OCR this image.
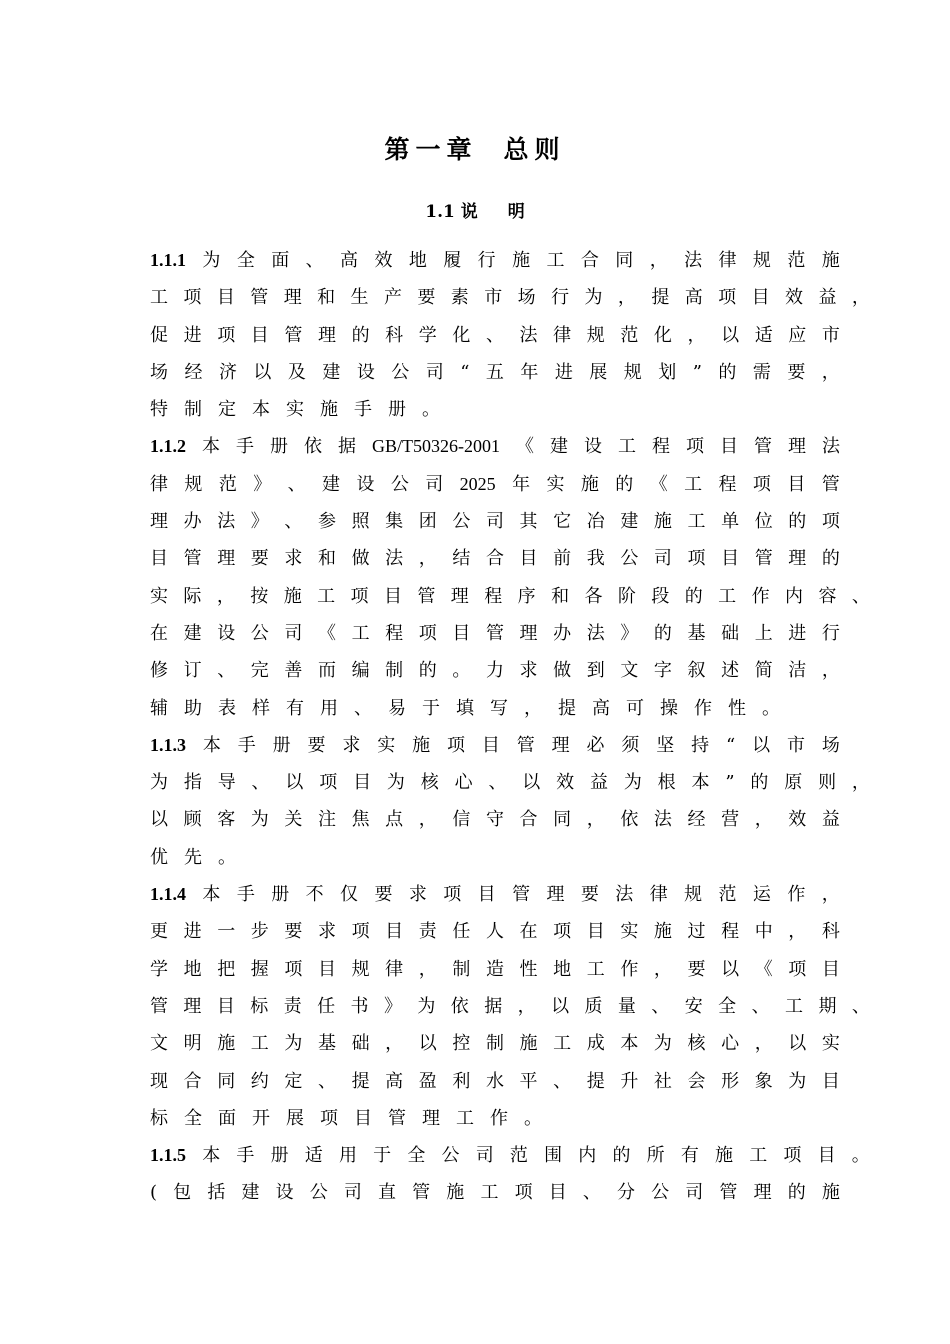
第一章 总则
1.1 说 明
1.1.1 为 全 面 、 高 效 地 履 行 施 工 合 同 ， 法 律 规 范 施
工 项 目 管 理 和 生 产 要 素 市 场 行 为 ， 提 高 项 目 效 益 ，
促 进 项 目 管 理 的 科 学 化 、 法 律 规 范 化 ， 以 适 应 市
场 经 济 以 及 建 设 公 司 “ 五 年 进 展 规 划 ” 的 需 要 ，
特 制 定 本 实 施 手 册 。
1.1.2 本 手 册 依 据 GB/T50326-2001 《 建 设 工 程 项 目 管 理 法
律 规 范 》 、 建 设 公 司 2025 年 实 施 的 《 工 程 项 目 管
理 办 法 》 、 参 照 集 团 公 司 其 它 冶 建 施 工 单 位 的 项
目 管 理 要 求 和 做 法 ， 结 合 目 前 我 公 司 项 目 管 理 的
实 际 ， 按 施 工 项 目 管 理 程 序 和 各 阶 段 的 工 作 内 容 、
在 建 设 公 司 《 工 程 项 目 管 理 办 法 》 的 基 础 上 进 行
修 订 、 完 善 而 编 制 的 。 力 求 做 到 文 字 叙 述 简 洁 ，
辅 助 表 样 有 用 、 易 于 填 写 ， 提 高 可 操 作 性 。
1.1.3 本 手 册 要 求 实 施 项 目 管 理 必 须 坚 持 “ 以 市 场
为 指 导 、 以 项 目 为 核 心 、 以 效 益 为 根 本 ” 的 原 则 ，
以 顾 客 为 关 注 焦 点 ， 信 守 合 同 ， 依 法 经 营 ， 效 益
优 先 。
1.1.4 本 手 册 不 仅 要 求 项 目 管 理 要 法 律 规 范 运 作 ，
更 进 一 步 要 求 项 目 责 任 人 在 项 目 实 施 过 程 中 ， 科
学 地 把 握 项 目 规 律 ， 制 造 性 地 工 作 ， 要 以 《 项 目
管 理 目 标 责 任 书 》 为 依 据 ， 以 质 量 、 安 全 、 工 期 、
文 明 施 工 为 基 础 ， 以 控 制 施 工 成 本 为 核 心 ， 以 实
现 合 同 约 定 、 提 高 盈 利 水 平 、 提 升 社 会 形 象 为 目
标 全 面 开 展 项 目 管 理 工 作 。
1.1.5 本 手 册 适 用 于 全 公 司 范 围 内 的 所 有 施 工 项 目 。
( 包 括 建 设 公 司 直 管 施 工 项 目 、 分 公 司 管 理 的 施
